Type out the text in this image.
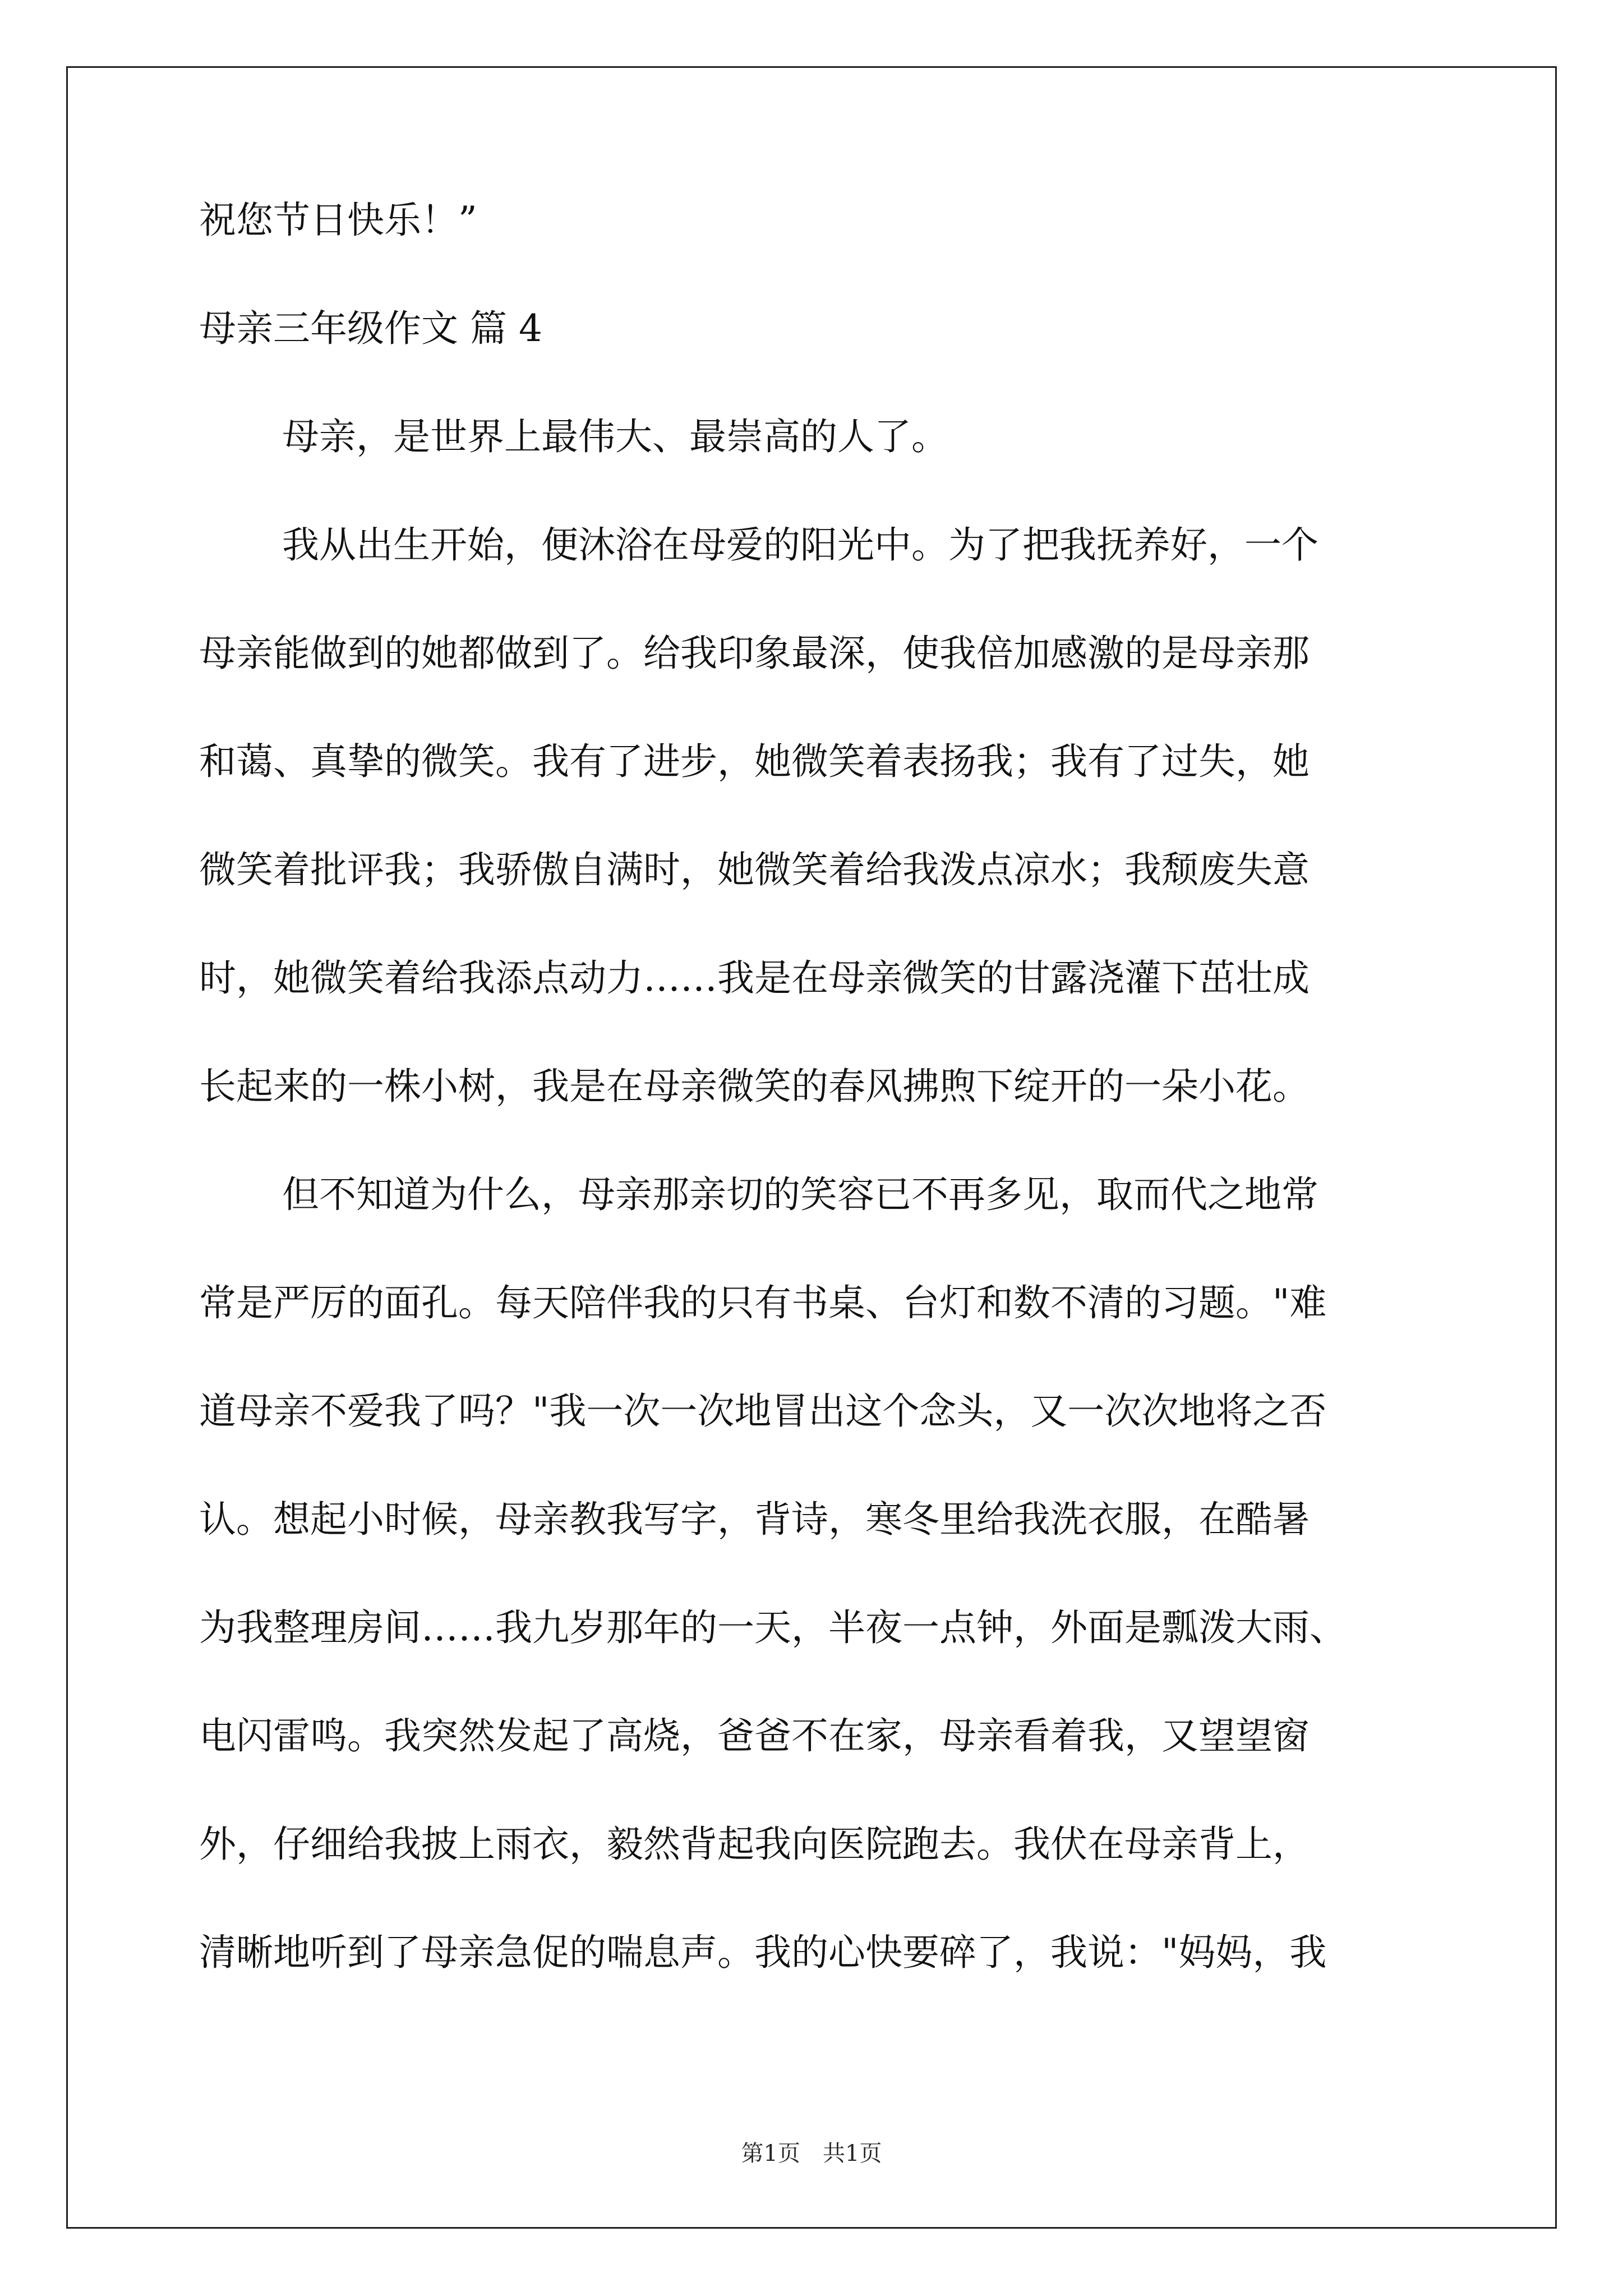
祝您节日快乐！”
母亲三年级作文 篇 4
母亲，是世界上最伟大、最崇高的人了。
我从出生开始，便沐浴在母爱的阳光中。为了把我抚养好，一个
母亲能做到的她都做到了。给我印象最深，使我倍加感激的是母亲那
和蔼、真挚的微笑。我有了进步，她微笑着表扬我；我有了过失，她
微笑着批评我；我骄傲自满时，她微笑着给我泼点凉水；我颓废失意
时，她微笑着给我添点动力……我是在母亲微笑的甘露浇灌下茁壮成
长起来的一株小树，我是在母亲微笑的春风拂煦下绽开的一朵小花。
但不知道为什么，母亲那亲切的笑容已不再多见，取而代之地常
常是严厉的面孔。每天陪伴我的只有书桌、台灯和数不清的习题。"难
道母亲不爱我了吗？"我一次一次地冒出这个念头，又一次次地将之否
认。想起小时候，母亲教我写字，背诗，寒冬里给我洗衣服，在酷暑
为我整理房间……我九岁那年的一天，半夜一点钟，外面是瓢泼大雨、
电闪雷鸣。我突然发起了高烧，爸爸不在家，母亲看着我，又望望窗
外，仔细给我披上雨衣，毅然背起我向医院跑去。我伏在母亲背上，
清晰地听到了母亲急促的喘息声。我的心快要碎了，我说："妈妈，我
第1页　共1页
